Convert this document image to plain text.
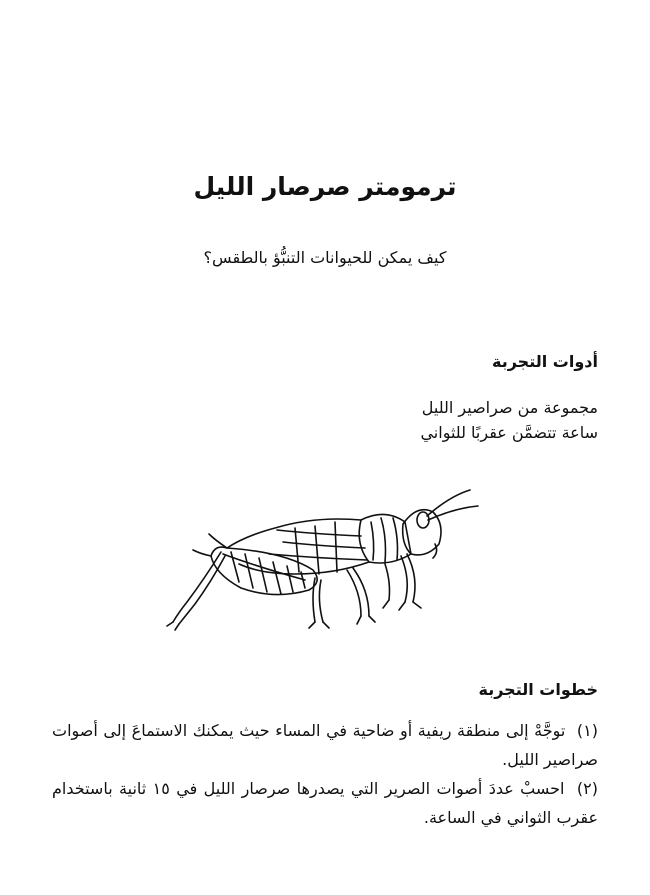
ترمومتر صرصار الليل

كيف يمكن للحيوانات التنبُّؤ بالطقس؟

أدوات التجربة
مجموعة من صراصير الليل
ساعة تتضمَّن عقربًا للثواني
خطوات التجربة
(١) توجَّهْ إلى منطقة ريفية أو ضاحية في المساء حيث يمكنك الاستماعَ إلى أصوات صراصير الليل.
(٢) احسبْ عددَ أصوات الصرير التي يصدرها صرصار الليل في ١٥ ثانية باستخدام عقرب الثواني في الساعة.
